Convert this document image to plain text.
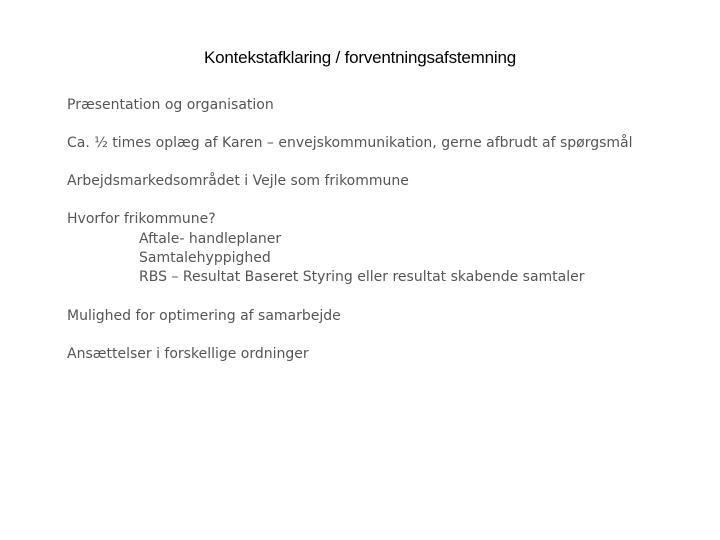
Kontekstafklaring / forventningsafstemning

Præsentation og organisation

Ca. ½ times oplæg af Karen – envejskommunikation, gerne afbrudt af spørgsmål

Arbejdsmarkedsområdet i Vejle som frikommune

Hvorfor frikommune?
Aftale- handleplaner
Samtalehyppighed
RBS – Resultat Baseret Styring eller resultat skabende samtaler

Mulighed for optimering af samarbejde

Ansættelser i forskellige ordninger
